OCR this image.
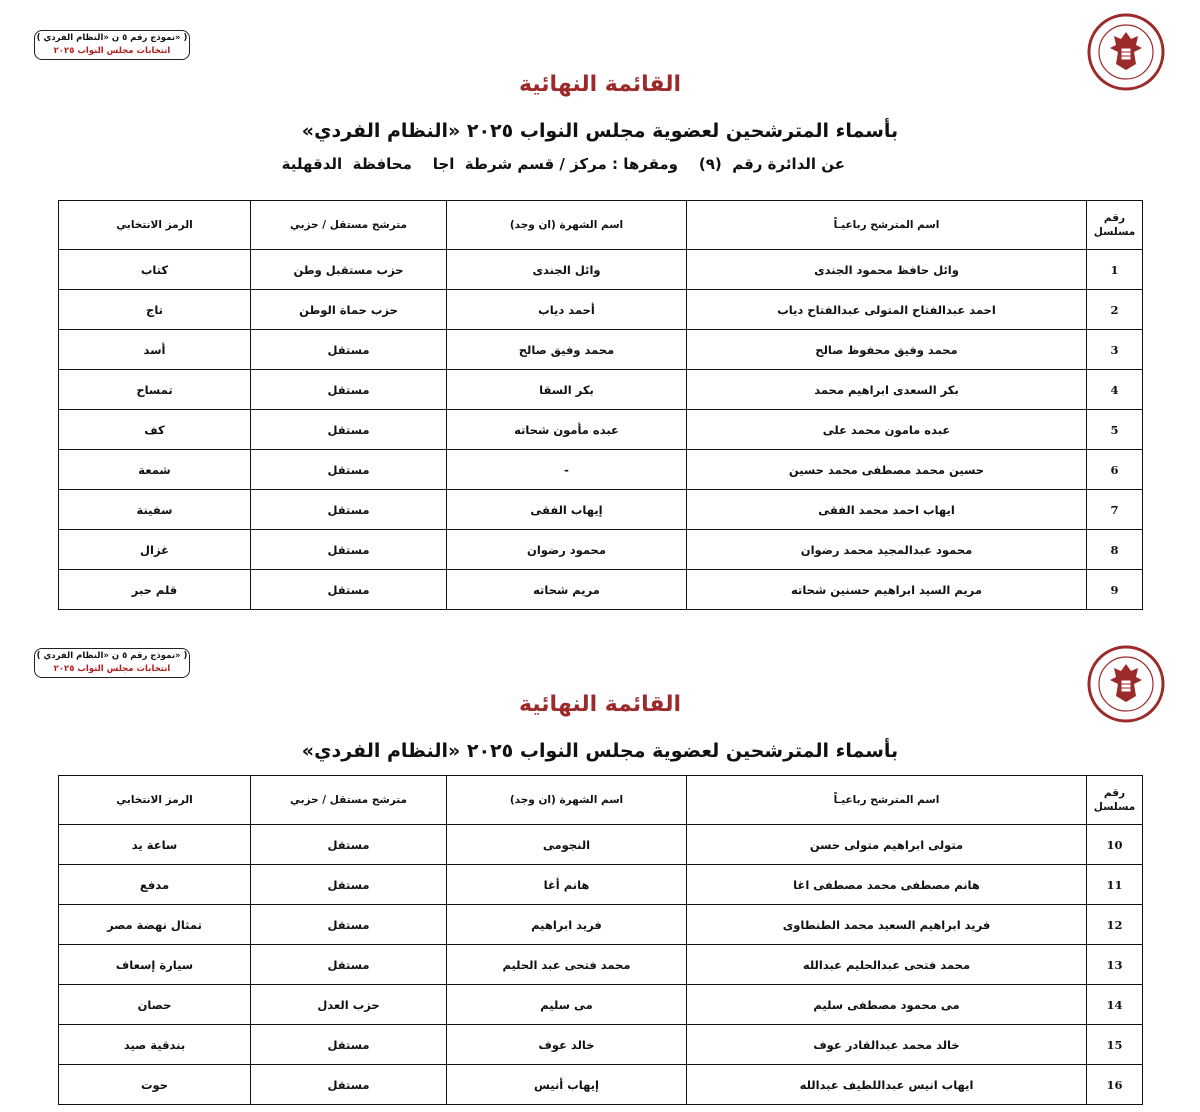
( نموذج رقم ٥ ن «النظام الفردي» )
انتخابات مجلس النواب ٢٠٢٥
القائمة النهائية
بأسماء المترشحين لعضوية مجلس النواب ٢٠٢٥ «النظام الفردي»
عن الدائرة رقم  (٩)    ومقرها : مركز / قسم شرطة  اجا    محافظة  الدقهلية
رقم مسلسل	اسم المترشح رباعيـاً	اسم الشهرة (ان وجد)	مترشح مستقل / حزبي	الرمز الانتخابي
1	وائل حافظ محمود الجندى	وائل الجندى	حزب مستقبل وطن	كتاب
2	احمد عبدالفتاح المتولى عبدالفتاح دياب	أحمد دياب	حزب حماة الوطن	تاج
3	محمد وفيق محفوظ صالح	محمد وفيق صالح	مستقل	أسد
4	بكر السعدى ابراهيم محمد	بكر السقا	مستقل	تمساح
5	عبده مامون محمد على	عبده مأمون شحاته	مستقل	كف
6	حسين محمد مصطفى محمد حسين	-	مستقل	شمعة
7	ايهاب احمد محمد الفقى	إيهاب الفقى	مستقل	سفينة
8	محمود عبدالمجيد محمد رضوان	محمود رضوان	مستقل	غزال
9	مريم السيد ابراهيم حسنين شحاته	مريم شحاته	مستقل	قلم حبر
( نموذج رقم ٥ ن «النظام الفردي» )
انتخابات مجلس النواب ٢٠٢٥
القائمة النهائية
بأسماء المترشحين لعضوية مجلس النواب ٢٠٢٥ «النظام الفردي»
رقم مسلسل	اسم المترشح رباعيـاً	اسم الشهرة (ان وجد)	مترشح مستقل / حزبي	الرمز الانتخابي
10	متولى ابراهيم متولى حسن	النجومى	مستقل	ساعة يد
11	هانم مصطفى محمد مصطفى اغا	هانم أغا	مستقل	مدفع
12	فريد ابراهيم السعيد محمد الطنطاوى	فريد ابراهيم	مستقل	تمثال نهضة مصر
13	محمد فتحى عبدالحليم عبدالله	محمد فتحى عبد الحليم	مستقل	سيارة إسعاف
14	مى محمود مصطفى سليم	مى سليم	حزب العدل	حصان
15	خالد محمد عبدالقادر عوف	خالد عوف	مستقل	بندقية صيد
16	ايهاب انيس عبداللطيف عبدالله	إيهاب أنيس	مستقل	حوت
